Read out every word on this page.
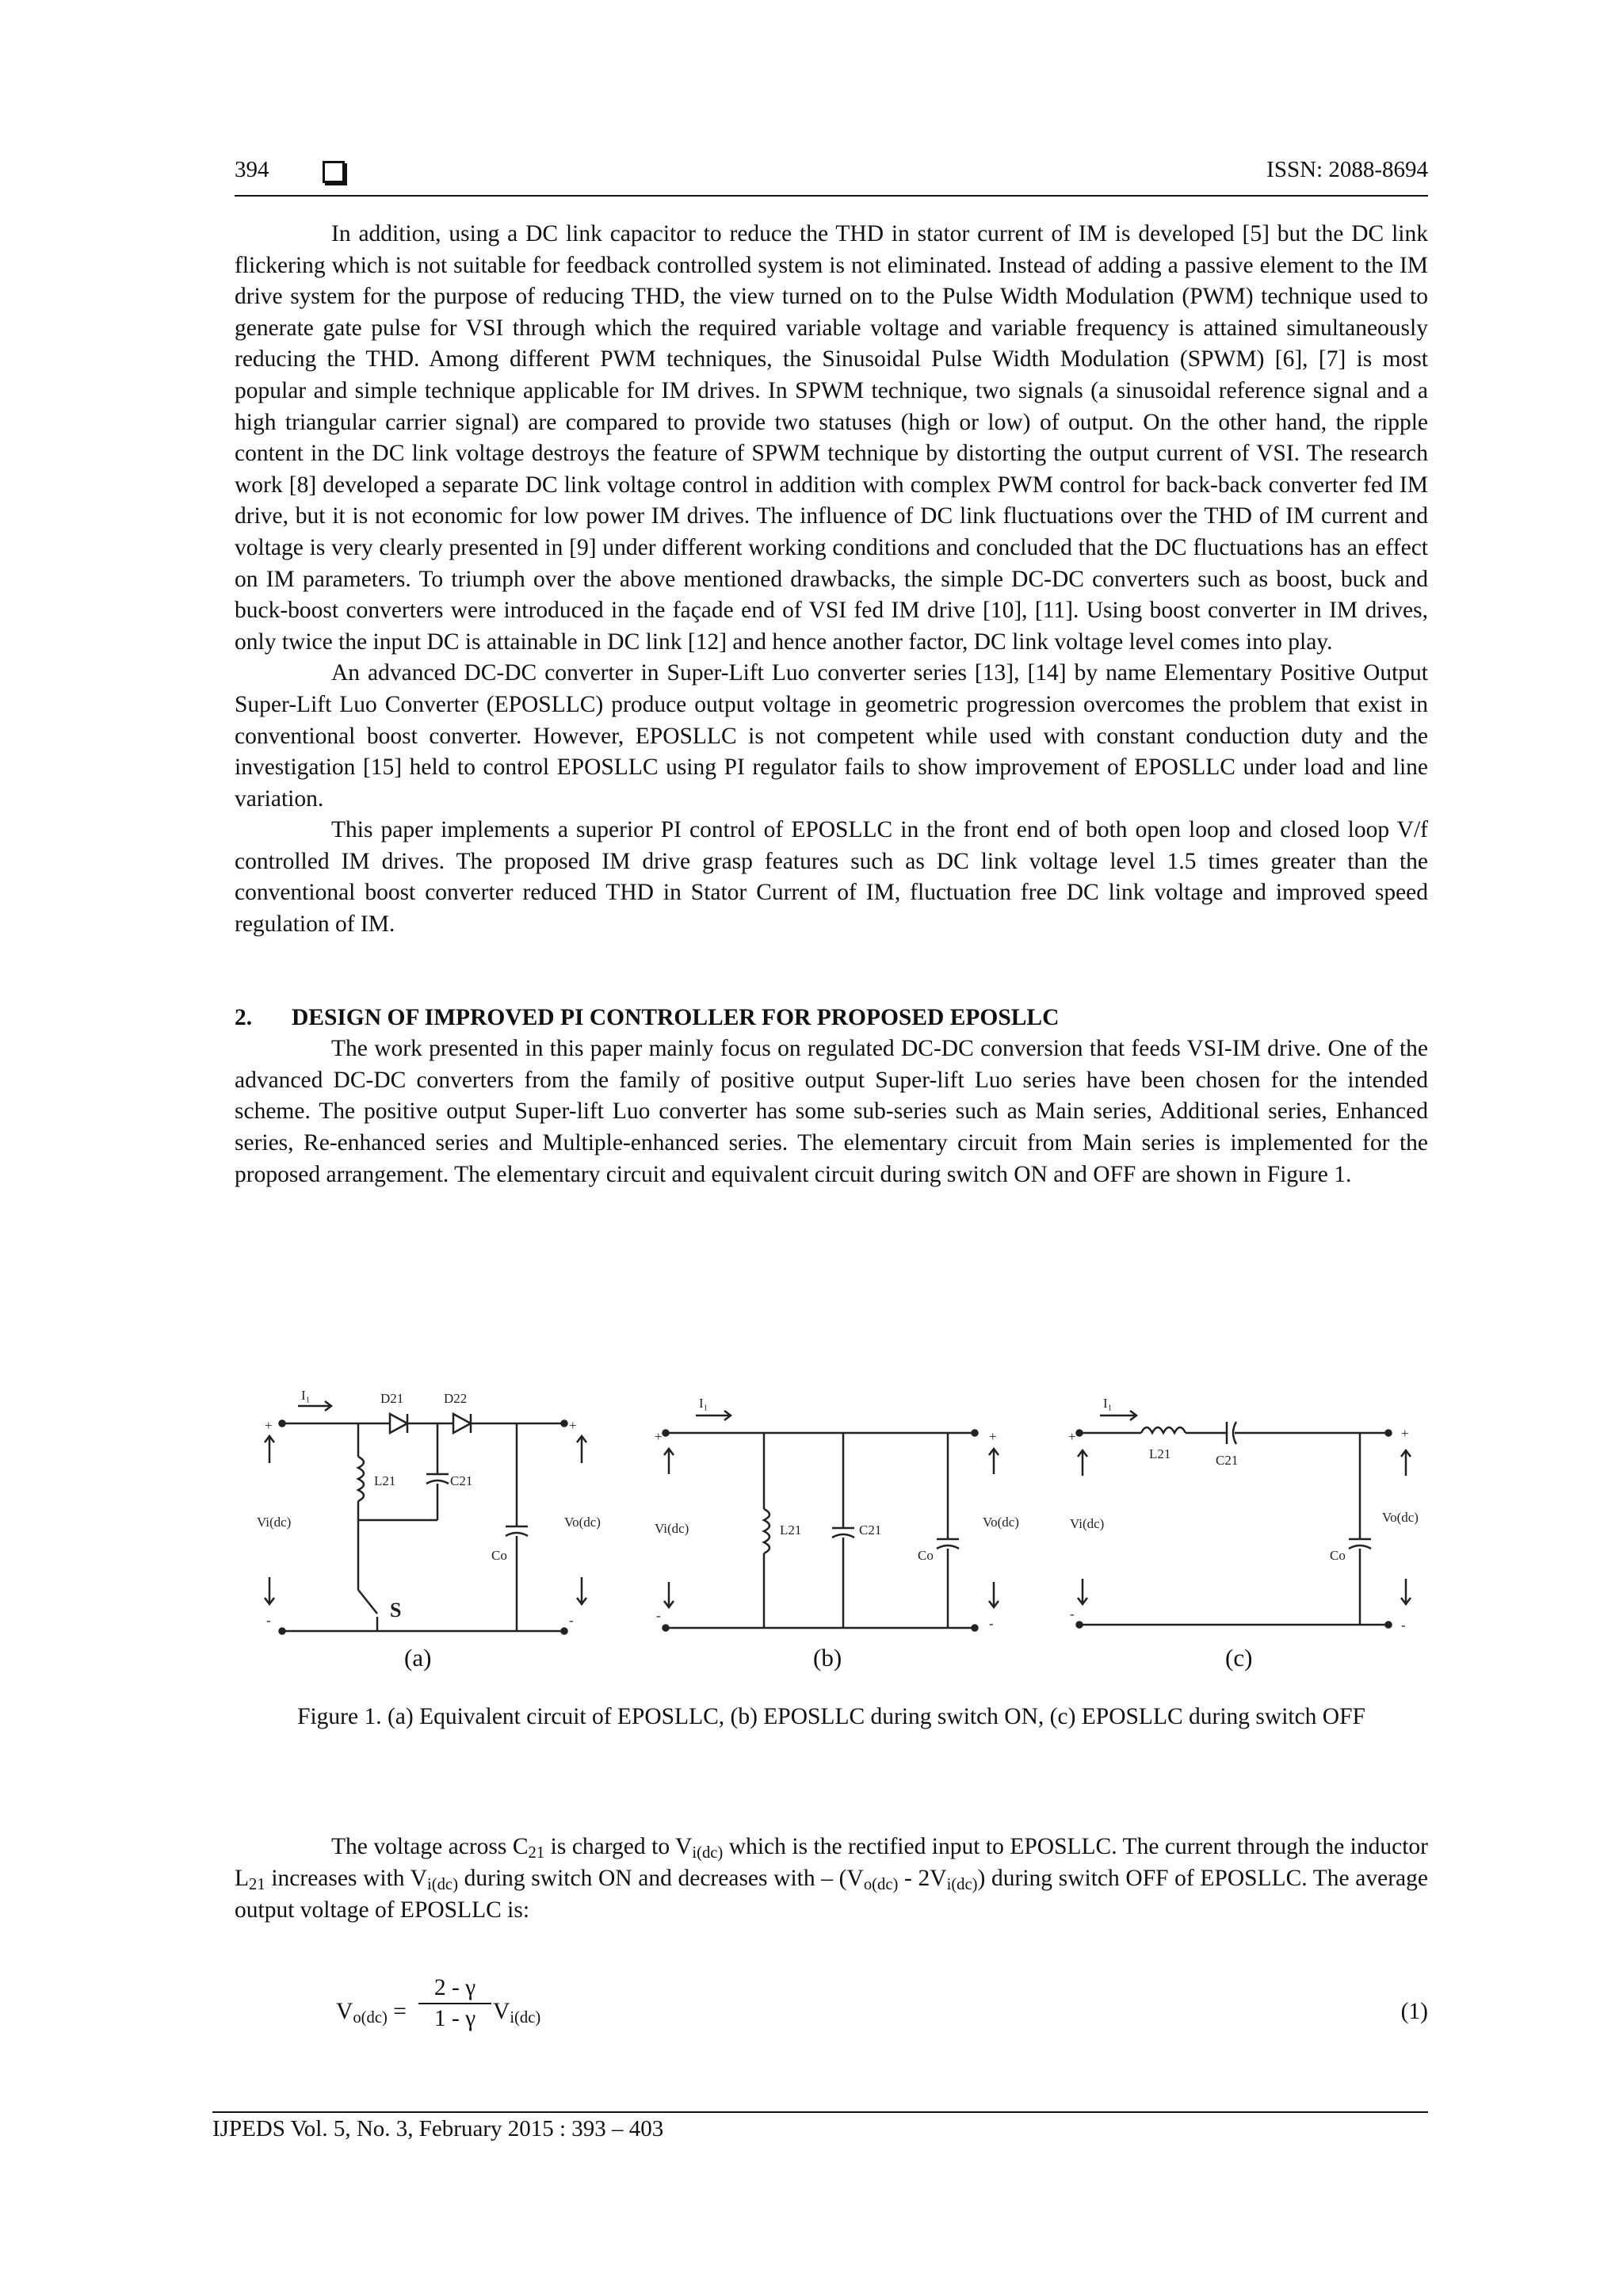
394	ISSN: 2088-8694

In addition, using a DC link capacitor to reduce the THD in stator current of IM is developed [5] but the DC link flickering which is not suitable for feedback controlled system is not eliminated. Instead of adding a passive element to the IM drive system for the purpose of reducing THD, the view turned on to the Pulse Width Modulation (PWM) technique used to generate gate pulse for VSI through which the required variable voltage and variable frequency is attained simultaneously reducing the THD. Among different PWM techniques, the Sinusoidal Pulse Width Modulation (SPWM) [6], [7] is most popular and simple technique applicable for IM drives. In SPWM technique, two signals (a sinusoidal reference signal and a high triangular carrier signal) are compared to provide two statuses (high or low) of output. On the other hand, the ripple content in the DC link voltage destroys the feature of SPWM technique by distorting the output current of VSI. The research work [8] developed a separate DC link voltage control in addition with complex PWM control for back-back converter fed IM drive, but it is not economic for low power IM drives. The influence of DC link fluctuations over the THD of IM current and voltage is very clearly presented in [9] under different working conditions and concluded that the DC fluctuations has an effect on IM parameters. To triumph over the above mentioned drawbacks, the simple DC-DC converters such as boost, buck and buck-boost converters were introduced in the façade end of VSI fed IM drive [10], [11]. Using boost converter in IM drives, only twice the input DC is attainable in DC link [12] and hence another factor, DC link voltage level comes into play.

An advanced DC-DC converter in Super-Lift Luo converter series [13], [14] by name Elementary Positive Output Super-Lift Luo Converter (EPOSLLC) produce output voltage in geometric progression overcomes the problem that exist in conventional boost converter. However, EPOSLLC is not competent while used with constant conduction duty and the investigation [15] held to control EPOSLLC using PI regulator fails to show improvement of EPOSLLC under load and line variation.

This paper implements a superior PI control of EPOSLLC in the front end of both open loop and closed loop V/f controlled IM drives. The proposed IM drive grasp features such as DC link voltage level 1.5 times greater than the conventional boost converter reduced THD in Stator Current of IM, fluctuation free DC link voltage and improved speed regulation of IM.

2. DESIGN OF IMPROVED PI CONTROLLER FOR PROPOSED EPOSLLC

The work presented in this paper mainly focus on regulated DC-DC conversion that feeds VSI-IM drive. One of the advanced DC-DC converters from the family of positive output Super-lift Luo series have been chosen for the intended scheme. The positive output Super-lift Luo converter has some sub-series such as Main series, Additional series, Enhanced series, Re-enhanced series and Multiple-enhanced series. The elementary circuit from Main series is implemented for the proposed arrangement. The elementary circuit and equivalent circuit during switch ON and OFF are shown in Figure 1.

I₁	D21	D22
L21	C21
Co
Vi(dc)	Vo(dc)
S
+	+
-	-
I₁
L21	C21
Co
Vi(dc)	Vo(dc)
+	+
-
-
I₁
L21	C21
Co
Vi(dc)	Vo(dc)
+	+
-
-
(a)	(b)	(c)
Figure 1. (a) Equivalent circuit of EPOSLLC, (b) EPOSLLC during switch ON, (c) EPOSLLC during switch OFF

The voltage across $C_{21}$ is charged to $V_{i(dc)}$ which is the rectified input to EPOSLLC. The current through the inductor $L_{21}$ increases with $V_{i(dc)}$ during switch ON and decreases with – $(V_{o(dc)} - 2V_{i(dc)})$ during switch OFF of EPOSLLC. The average output voltage of EPOSLLC is:

$V_{o(dc)} = \frac{2 - \gamma}{1 - \gamma} V_{i(dc)}$	(1)
IJPEDS Vol. 5, No. 3, February 2015 : 393 – 403
